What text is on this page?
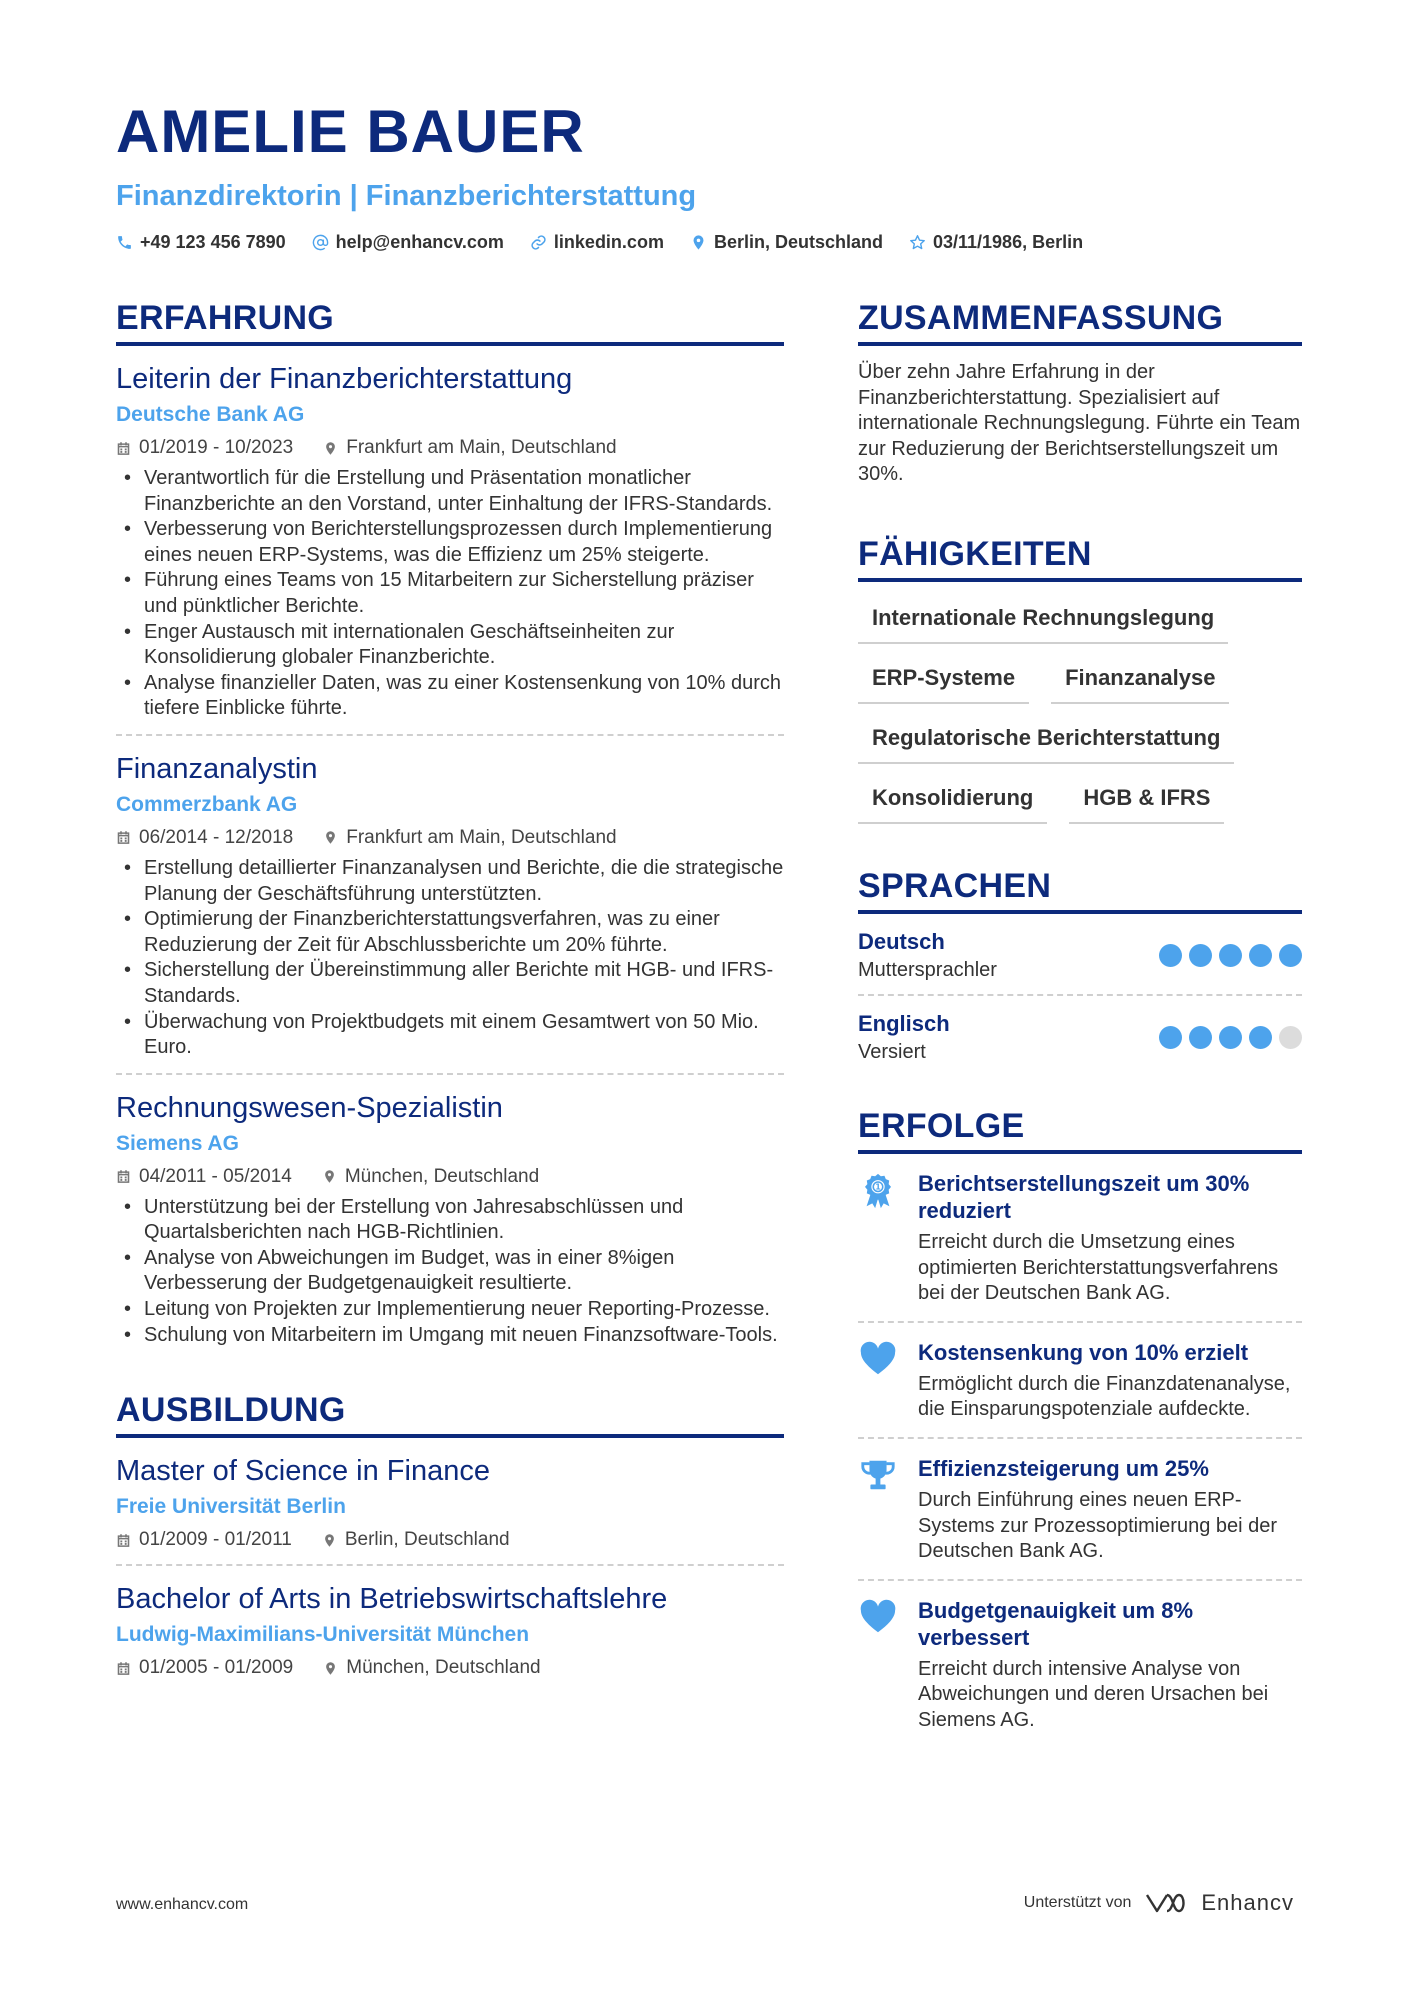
AMELIE BAUER
Finanzdirektorin | Finanzberichterstattung
+49 123 456 7890	help@enhancv.com	linkedin.com	Berlin, Deutschland	03/11/1986, Berlin
ERFAHRUNG
Leiterin der Finanzberichterstattung
Deutsche Bank AG
01/2019 - 10/2023	Frankfurt am Main, Deutschland
• Verantwortlich für die Erstellung und Präsentation monatlicher Finanzberichte an den Vorstand, unter Einhaltung der IFRS-Standards.
• Verbesserung von Berichterstellungsprozessen durch Implementierung eines neuen ERP-Systems, was die Effizienz um 25% steigerte.
• Führung eines Teams von 15 Mitarbeitern zur Sicherstellung präziser und pünktlicher Berichte.
• Enger Austausch mit internationalen Geschäftseinheiten zur Konsolidierung globaler Finanzberichte.
• Analyse finanzieller Daten, was zu einer Kostensenkung von 10% durch tiefere Einblicke führte.
Finanzanalystin
Commerzbank AG
06/2014 - 12/2018	Frankfurt am Main, Deutschland
• Erstellung detaillierter Finanzanalysen und Berichte, die die strategische Planung der Geschäftsführung unterstützten.
• Optimierung der Finanzberichterstattungsverfahren, was zu einer Reduzierung der Zeit für Abschlussberichte um 20% führte.
• Sicherstellung der Übereinstimmung aller Berichte mit HGB- und IFRS-Standards.
• Überwachung von Projektbudgets mit einem Gesamtwert von 50 Mio. Euro.
Rechnungswesen-Spezialistin
Siemens AG
04/2011 - 05/2014	München, Deutschland
• Unterstützung bei der Erstellung von Jahresabschlüssen und Quartalsberichten nach HGB-Richtlinien.
• Analyse von Abweichungen im Budget, was in einer 8%igen Verbesserung der Budgetgenauigkeit resultierte.
• Leitung von Projekten zur Implementierung neuer Reporting-Prozesse.
• Schulung von Mitarbeitern im Umgang mit neuen Finanzsoftware-Tools.
AUSBILDUNG
Master of Science in Finance
Freie Universität Berlin
01/2009 - 01/2011	Berlin, Deutschland
Bachelor of Arts in Betriebswirtschaftslehre
Ludwig-Maximilians-Universität München
01/2005 - 01/2009	München, Deutschland
ZUSAMMENFASSUNG
Über zehn Jahre Erfahrung in der Finanzberichterstattung. Spezialisiert auf internationale Rechnungslegung. Führte ein Team zur Reduzierung der Berichtserstellungszeit um 30%.
FÄHIGKEITEN
Internationale Rechnungslegung
ERP-Systeme	Finanzanalyse
Regulatorische Berichterstattung
Konsolidierung	HGB & IFRS
SPRACHEN
Deutsch
Muttersprachler
Englisch
Versiert
ERFOLGE
1 Berichtserstellungszeit um 30% reduziert
Erreicht durch die Umsetzung eines optimierten Berichterstattungsverfahrens bei der Deutschen Bank AG.
Kostensenkung von 10% erzielt
Ermöglicht durch die Finanzdatenanalyse, die Einsparungspotenziale aufdeckte.
Effizienzsteigerung um 25%
Durch Einführung eines neuen ERP-Systems zur Prozessoptimierung bei der Deutschen Bank AG.
Budgetgenauigkeit um 8% verbessert
Erreicht durch intensive Analyse von Abweichungen und deren Ursachen bei Siemens AG.
www.enhancv.com	Unterstützt von	Enhancv
